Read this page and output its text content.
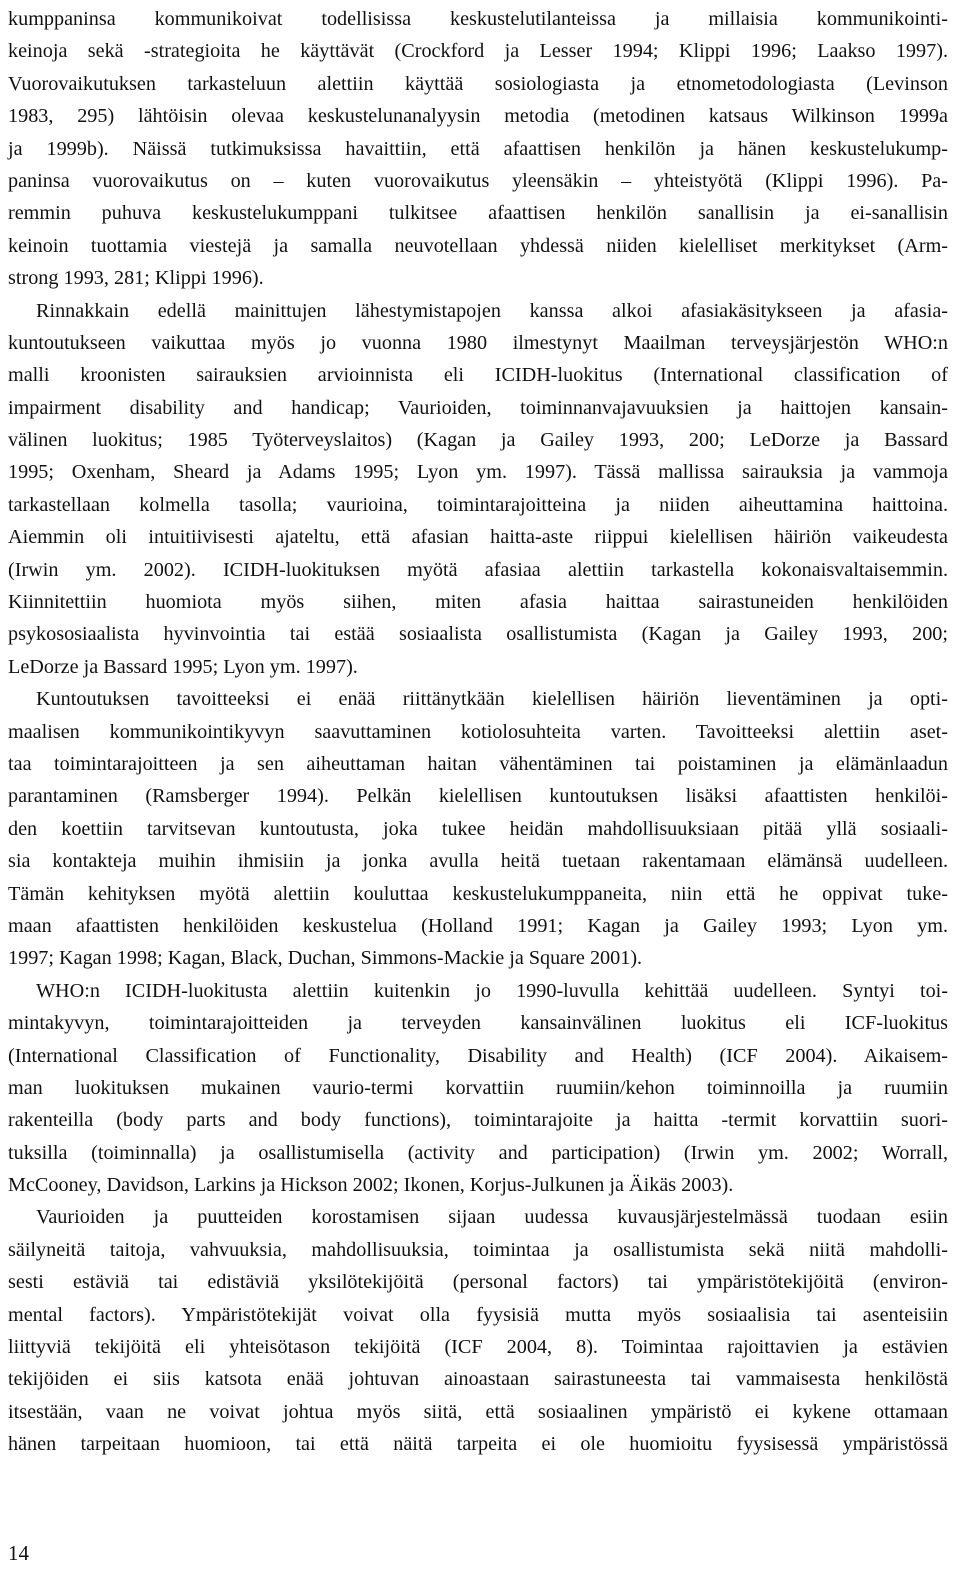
kumppaninsa kommunikoivat todellisissa keskustelutilanteissa ja millaisia kommunikointi-
keinoja sekä -strategioita he käyttävät (Crockford ja Lesser 1994; Klippi 1996; Laakso 1997).
Vuorovaikutuksen tarkasteluun alettiin käyttää sosiologiasta ja etnometodologiasta (Levinson
1983, 295) lähtöisin olevaa keskustelunanalyysin metodia (metodinen katsaus Wilkinson 1999a
ja 1999b). Näissä tutkimuksissa havaittiin, että afaattisen henkilön ja hänen keskustelukump-
paninsa vuorovaikutus on – kuten vuorovaikutus yleensäkin – yhteistyötä (Klippi 1996). Pa-
remmin puhuva keskustelukumppani tulkitsee afaattisen henkilön sanallisin ja ei-sanallisin
keinoin tuottamia viestejä ja samalla neuvotellaan yhdessä niiden kielelliset merkitykset (Arm-
strong 1993, 281; Klippi 1996).
Rinnakkain edellä mainittujen lähestymistapojen kanssa alkoi afasiakäsitykseen ja afasia-
kuntoutukseen vaikuttaa myös jo vuonna 1980 ilmestynyt Maailman terveysjärjestön WHO:n
malli kroonisten sairauksien arvioinnista eli ICIDH-luokitus (International classification of
impairment disability and handicap; Vaurioiden, toiminnanvajavuuksien ja haittojen kansain-
välinen luokitus; 1985 Työterveyslaitos) (Kagan ja Gailey 1993, 200; LeDorze ja Bassard
1995; Oxenham, Sheard ja Adams 1995; Lyon ym. 1997). Tässä mallissa sairauksia ja vammoja
tarkastellaan kolmella tasolla; vaurioina, toimintarajoitteina ja niiden aiheuttamina haittoina.
Aiemmin oli intuitiivisesti ajateltu, että afasian haitta-aste riippui kielellisen häiriön vaikeudesta
(Irwin ym. 2002). ICIDH-luokituksen myötä afasiaa alettiin tarkastella kokonaisvaltaisemmin.
Kiinnitettiin huomiota myös siihen, miten afasia haittaa sairastuneiden henkilöiden
psykososiaalista hyvinvointia tai estää sosiaalista osallistumista (Kagan ja Gailey 1993, 200;
LeDorze ja Bassard 1995; Lyon ym. 1997).
Kuntoutuksen tavoitteeksi ei enää riittänytkään kielellisen häiriön lieventäminen ja opti-
maalisen kommunikointikyvyn saavuttaminen kotiolosuhteita varten. Tavoitteeksi alettiin aset-
taa toimintarajoitteen ja sen aiheuttaman haitan vähentäminen tai poistaminen ja elämänlaadun
parantaminen (Ramsberger 1994). Pelkän kielellisen kuntoutuksen lisäksi afaattisten henkilöi-
den koettiin tarvitsevan kuntoutusta, joka tukee heidän mahdollisuuksiaan pitää yllä sosiaali-
sia kontakteja muihin ihmisiin ja jonka avulla heitä tuetaan rakentamaan elämänsä uudelleen.
Tämän kehityksen myötä alettiin kouluttaa keskustelukumppaneita, niin että he oppivat tuke-
maan afaattisten henkilöiden keskustelua (Holland 1991; Kagan ja Gailey 1993; Lyon ym.
1997; Kagan 1998; Kagan, Black, Duchan, Simmons-Mackie ja Square 2001).
WHO:n ICIDH-luokitusta alettiin kuitenkin jo 1990-luvulla kehittää uudelleen. Syntyi toi-
mintakyvyn, toimintarajoitteiden ja terveyden kansainvälinen luokitus eli ICF-luokitus
(International Classification of Functionality, Disability and Health) (ICF 2004). Aikaisem-
man luokituksen mukainen vaurio-termi korvattiin ruumiin/kehon toiminnoilla ja ruumiin
rakenteilla (body parts and body functions), toimintarajoite ja haitta -termit korvattiin suori-
tuksilla (toiminnalla) ja osallistumisella (activity and participation) (Irwin ym. 2002; Worrall,
McCooney, Davidson, Larkins ja Hickson 2002; Ikonen, Korjus-Julkunen ja Äikäs 2003).
Vaurioiden ja puutteiden korostamisen sijaan uudessa kuvausjärjestelmässä tuodaan esiin
säilyneitä taitoja, vahvuuksia, mahdollisuuksia, toimintaa ja osallistumista sekä niitä mahdolli-
sesti estäviä tai edistäviä yksilötekijöitä (personal factors) tai ympäristötekijöitä (environ-
mental factors). Ympäristötekijät voivat olla fyysisiä mutta myös sosiaalisia tai asenteisiin
liittyviä tekijöitä eli yhteisötason tekijöitä (ICF 2004, 8). Toimintaa rajoittavien ja estävien
tekijöiden ei siis katsota enää johtuvan ainoastaan sairastuneesta tai vammaisesta henkilöstä
itsestään, vaan ne voivat johtua myös siitä, että sosiaalinen ympäristö ei kykene ottamaan
hänen tarpeitaan huomioon, tai että näitä tarpeita ei ole huomioitu fyysisessä ympäristössä
14
